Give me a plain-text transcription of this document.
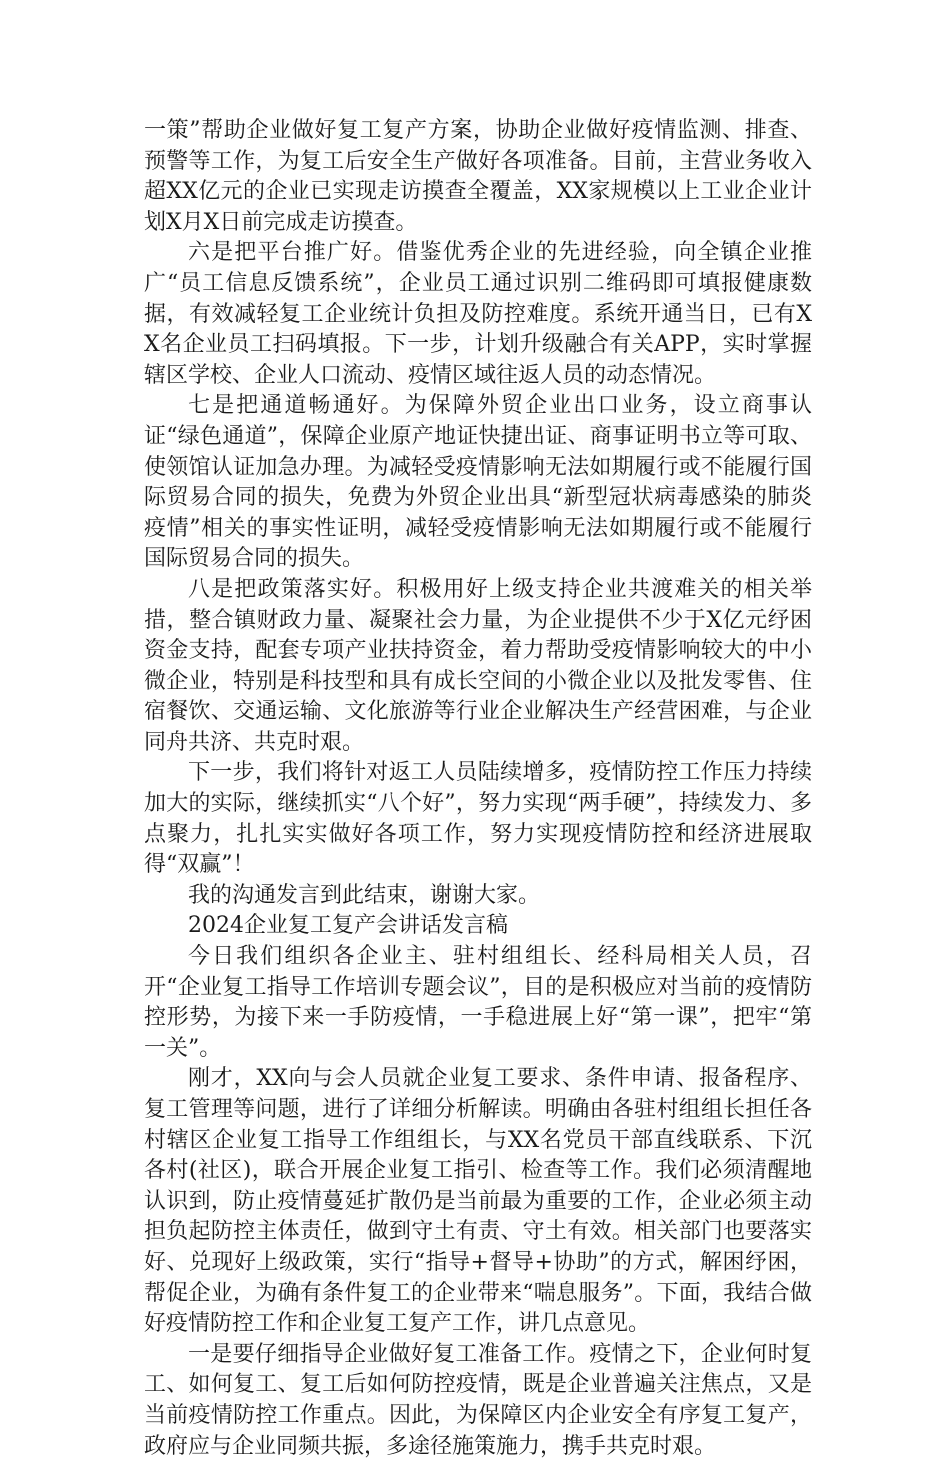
一策”帮助企业做好复工复产方案，协助企业做好疫情监测、排查、预警等工作，为复工后安全生产做好各项准备。目前，主营业务收入超XX亿元的企业已实现走访摸查全覆盖，XX家规模以上工业企业计划X月X日前完成走访摸查。

六是把平台推广好。借鉴优秀企业的先进经验，向全镇企业推广“员工信息反馈系统”，企业员工通过识别二维码即可填报健康数据，有效减轻复工企业统计负担及防控难度。系统开通当日，已有XX名企业员工扫码填报。下一步，计划升级融合有关APP，实时掌握辖区学校、企业人口流动、疫情区域往返人员的动态情况。

七是把通道畅通好。为保障外贸企业出口业务，设立商事认证“绿色通道”，保障企业原产地证快捷出证、商事证明书立等可取、使领馆认证加急办理。为减轻受疫情影响无法如期履行或不能履行国际贸易合同的损失，免费为外贸企业出具“新型冠状病毒感染的肺炎疫情”相关的事实性证明，减轻受疫情影响无法如期履行或不能履行国际贸易合同的损失。

八是把政策落实好。积极用好上级支持企业共渡难关的相关举措，整合镇财政力量、凝聚社会力量，为企业提供不少于X亿元纾困资金支持，配套专项产业扶持资金，着力帮助受疫情影响较大的中小微企业，特别是科技型和具有成长空间的小微企业以及批发零售、住宿餐饮、交通运输、文化旅游等行业企业解决生产经营困难，与企业同舟共济、共克时艰。

下一步，我们将针对返工人员陆续增多，疫情防控工作压力持续加大的实际，继续抓实“八个好”，努力实现“两手硬”，持续发力、多点聚力，扎扎实实做好各项工作，努力实现疫情防控和经济进展取得“双赢”！

我的沟通发言到此结束，谢谢大家。

2024企业复工复产会讲话发言稿

今日我们组织各企业主、驻村组组长、经科局相关人员，召开“企业复工指导工作培训专题会议”，目的是积极应对当前的疫情防控形势，为接下来一手防疫情，一手稳进展上好“第一课”，把牢“第一关”。

刚才，XX向与会人员就企业复工要求、条件申请、报备程序、复工管理等问题，进行了详细分析解读。明确由各驻村组组长担任各村辖区企业复工指导工作组组长，与XX名党员干部直线联系、下沉各村(社区)，联合开展企业复工指引、检查等工作。我们必须清醒地认识到，防止疫情蔓延扩散仍是当前最为重要的工作，企业必须主动担负起防控主体责任，做到守土有责、守土有效。相关部门也要落实好、兑现好上级政策，实行“指导+督导+协助”的方式，解困纾困，帮促企业，为确有条件复工的企业带来“喘息服务”。下面，我结合做好疫情防控工作和企业复工复产工作，讲几点意见。

一是要仔细指导企业做好复工准备工作。疫情之下，企业何时复工、如何复工、复工后如何防控疫情，既是企业普遍关注焦点，又是当前疫情防控工作重点。因此，为保障区内企业安全有序复工复产，政府应与企业同频共振，多途径施策施力，携手共克时艰。
